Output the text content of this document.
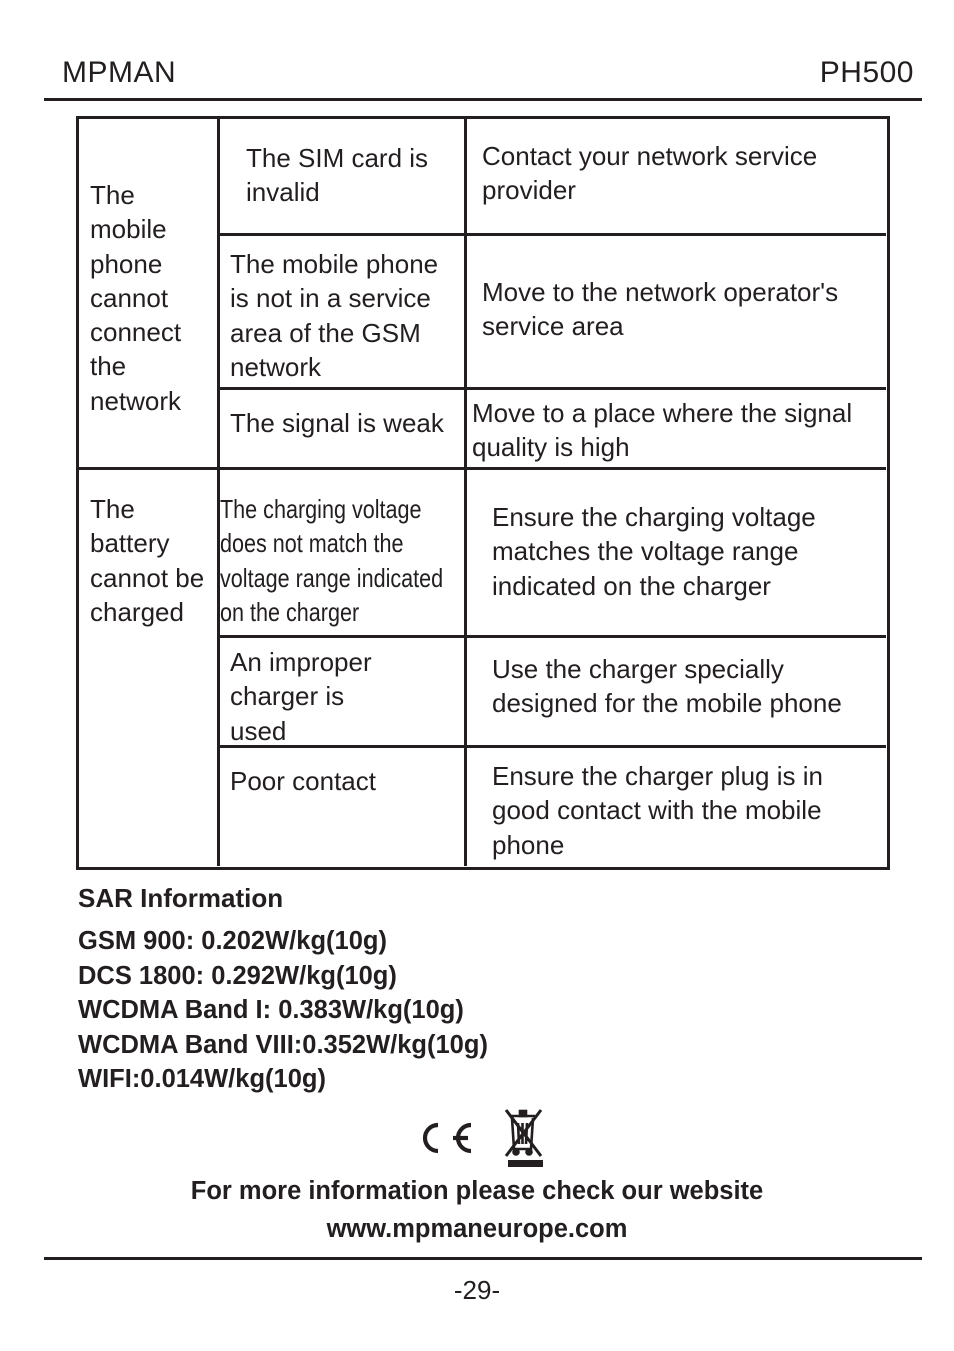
MPMAN	PH500
The
mobile
phone
cannot
connect
the
network
The SIM card is
invalid
Contact your network service
provider
The mobile phone
is not in a service
area of the GSM
network
Move to the network operator's
service area
The signal is weak Move to a place where the signal
quality is high
The
battery
cannot be
charged
The charging voltage
does not match the
voltage range indicated
on the charger
Ensure the charging voltage
matches the voltage range
indicated on the charger
An improper
charger is
used
Use the charger specially
designed for the mobile phone
Poor contact	Ensure the charger plug is in
good contact with the mobile
phone
SAR Information
GSM 900: 0.202W/kg(10g)
DCS 1800: 0.292W/kg(10g)
WCDMA Band I: 0.383W/kg(10g)
WCDMA Band VIII:0.352W/kg(10g)
WIFI:0.014W/kg(10g)
For more information please check our website
www.mpmaneurope.com
-29-
